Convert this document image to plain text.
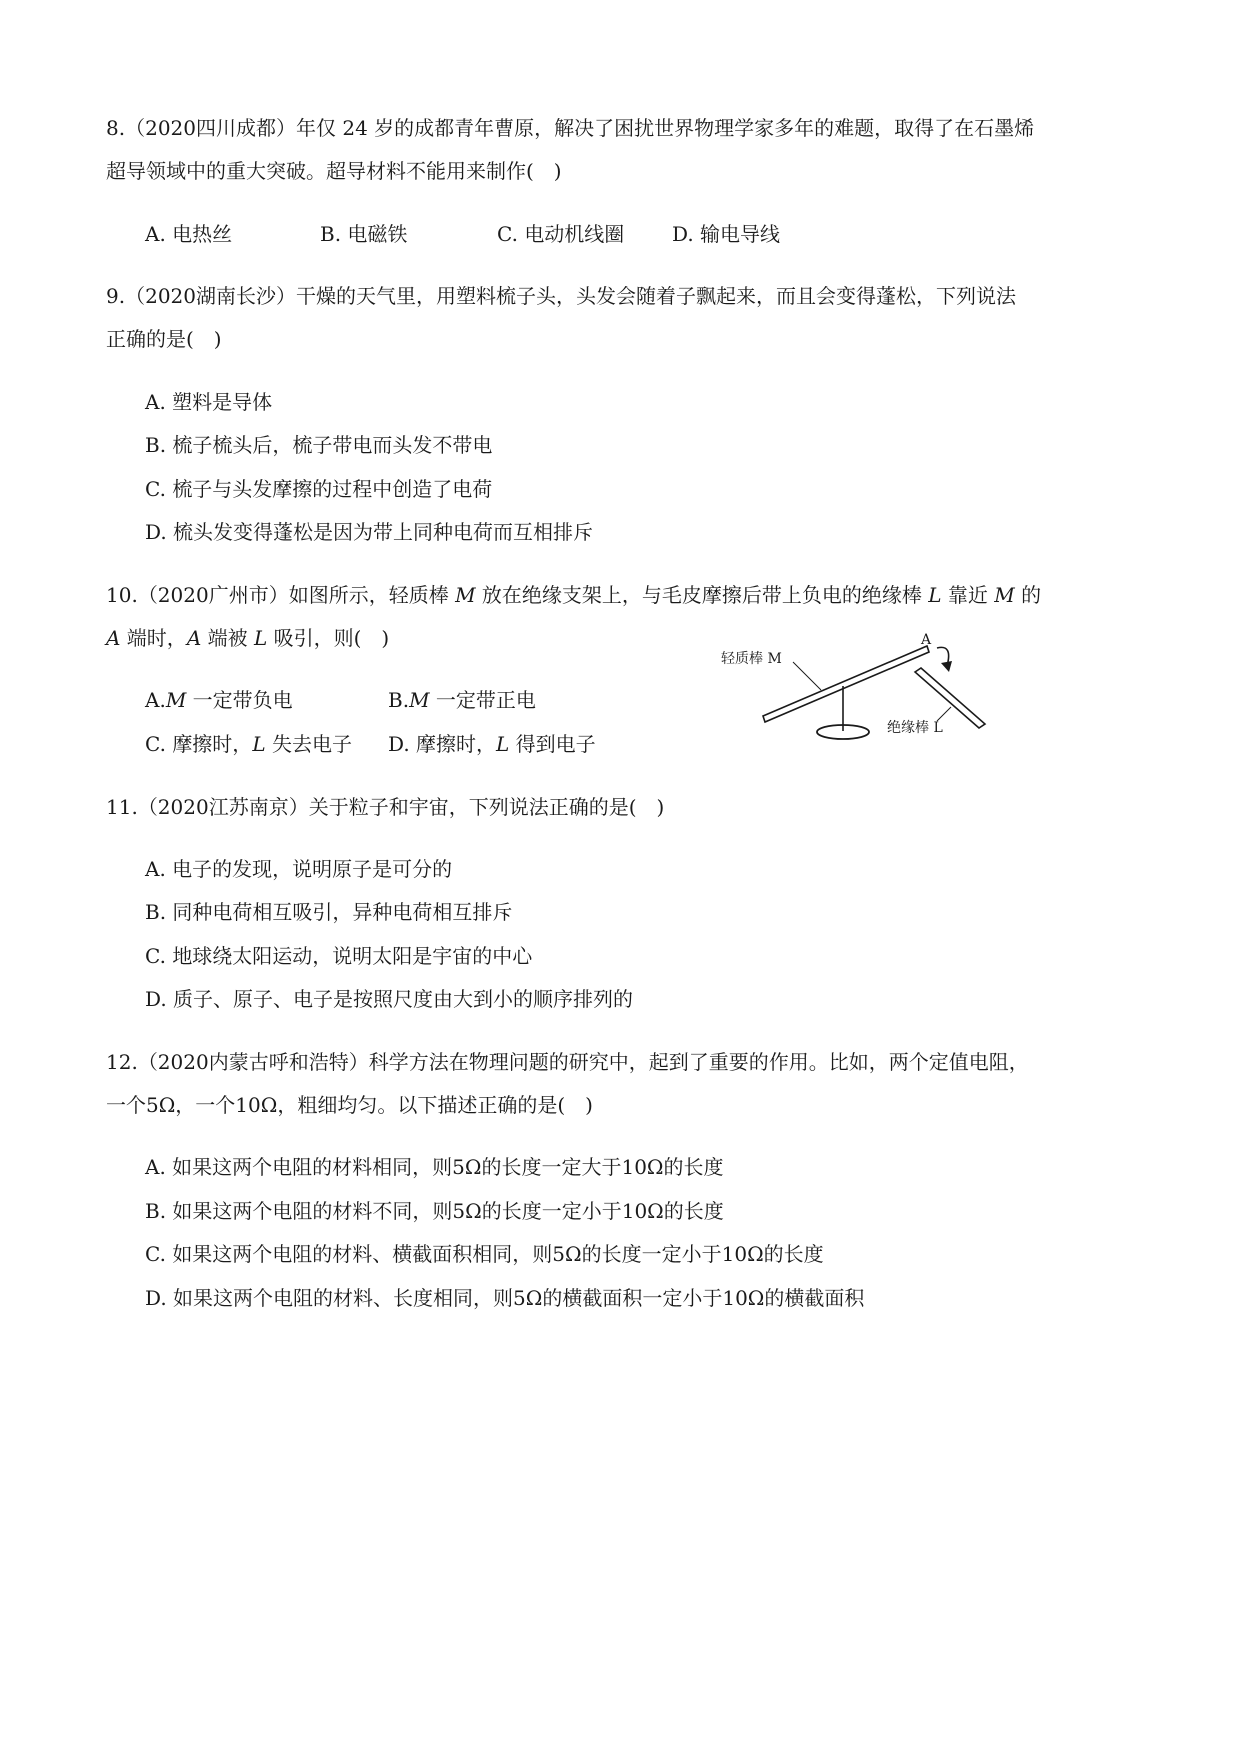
8.（2020四川成都）年仅 24 岁的成都青年曹原，解决了困扰世界物理学家多年的难题，取得了在石墨烯
超导领域中的重大突破。超导材料不能用来制作(　)
A. 电热丝	B. 电磁铁	C. 电动机线圈 D. 输电导线
9.（2020湖南长沙）干燥的天气里，用塑料梳子头，头发会随着子飘起来，而且会变得蓬松，下列说法
正确的是(　)
A. 塑料是导体
B. 梳子梳头后，梳子带电而头发不带电
C. 梳子与头发摩擦的过程中创造了电荷
D. 梳头发变得蓬松是因为带上同种电荷而互相排斥
10.（2020广州市）如图所示，轻质棒 M 放在绝缘支架上，与毛皮摩擦后带上负电的绝缘棒 L 靠近 M 的
A 端时，A 端被 L 吸引，则(　)
A.M 一定带负电	B.M 一定带正电
C. 摩擦时，L 失去电子 D. 摩擦时，L 得到电子
A
轻质棒 M
绝缘棒 L
11.（2020江苏南京）关于粒子和宇宙，下列说法正确的是(　)
A. 电子的发现，说明原子是可分的
B. 同种电荷相互吸引，异种电荷相互排斥
C. 地球绕太阳运动，说明太阳是宇宙的中心
D. 质子、原子、电子是按照尺度由大到小的顺序排列的
12.（2020内蒙古呼和浩特）科学方法在物理问题的研究中，起到了重要的作用。比如，两个定值电阻，
一个5Ω，一个10Ω，粗细均匀。以下描述正确的是(　)
A. 如果这两个电阻的材料相同，则5Ω的长度一定大于10Ω的长度
B. 如果这两个电阻的材料不同，则5Ω的长度一定小于10Ω的长度
C. 如果这两个电阻的材料、横截面积相同，则5Ω的长度一定小于10Ω的长度
D. 如果这两个电阻的材料、长度相同，则5Ω的横截面积一定小于10Ω的横截面积
